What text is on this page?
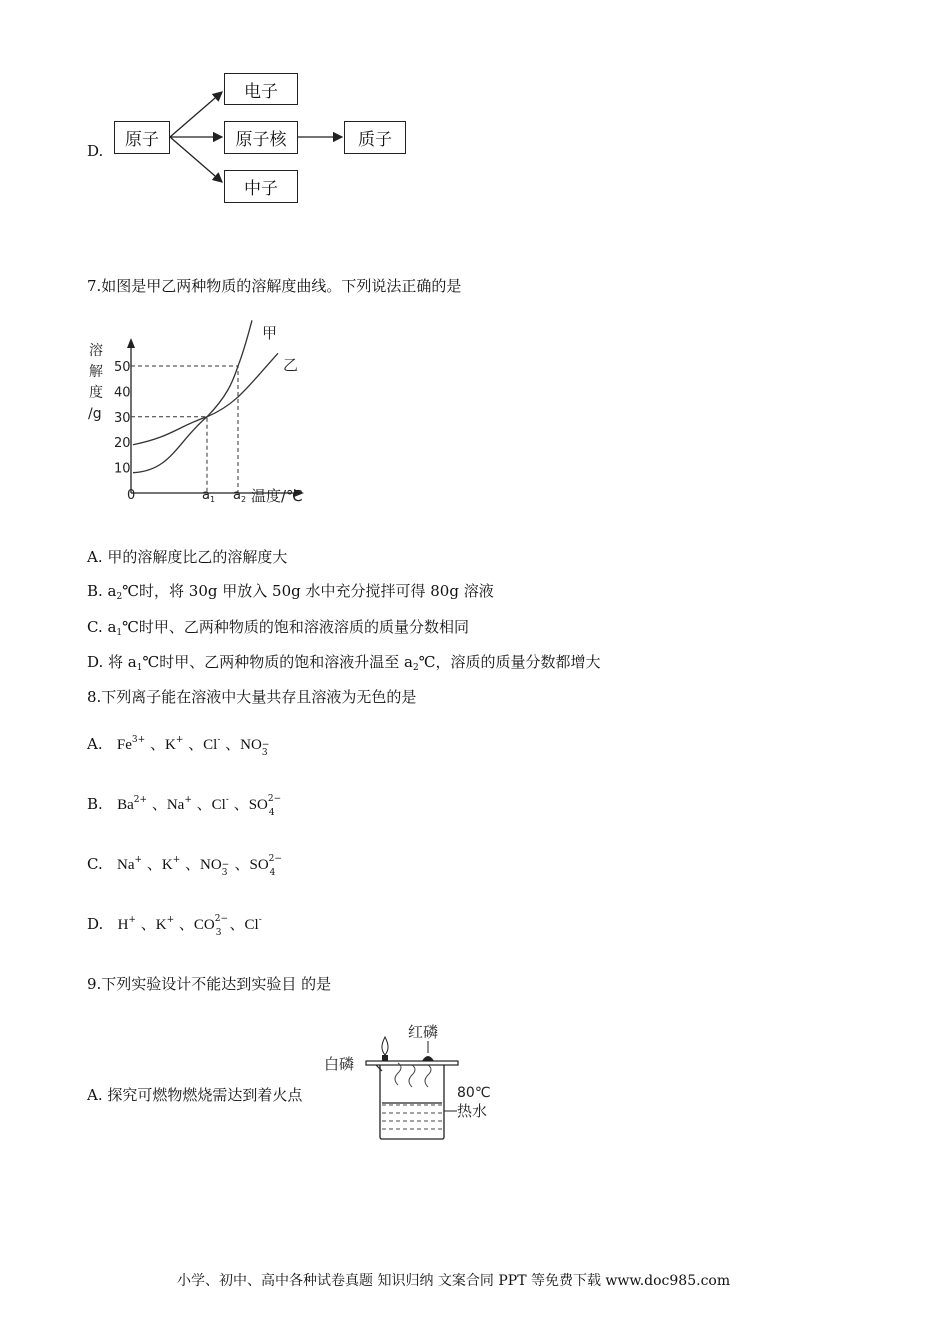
D.
原子
电子
原子核
中子
质子
7.如图是甲乙两种物质的溶解度曲线。下列说法正确的是
溶
解
度
/g
10
20
30
40
50
0	$a_1$ $a_2$ 温度/℃
甲
乙
A. 甲的溶解度比乙的溶解度大
B. $a_2℃$时，将 30g 甲放入 50g 水中充分搅拌可得 80g 溶液
C. $a_1℃$时甲、乙两种物质的饱和溶液溶质的质量分数相同
D. 将 $a_1℃$时甲、乙两种物质的饱和溶液升温至 $a_2℃$，溶质的质量分数都增大
8.下列离子能在溶液中大量共存且溶液为无色的是
A. $Fe^{3+}$ 、K+ 、Cl- 、NO −
3
B. $Ba^{2+}$ 、Na+ 、Cl- 、SO 2−
4
C. Na+ 、K+ 、NO −
3 、SO 2−
4
D. H+ 、K+ 、CO 2−
3 、Cl-
9.下列实验设计不能达到实验目 的是
A. 探究可燃物燃烧需达到着火点
红磷
白磷
80℃
热水
小学、初中、高中各种试卷真题 知识归纳 文案合同 PPT 等免费下载 www.doc985.com
